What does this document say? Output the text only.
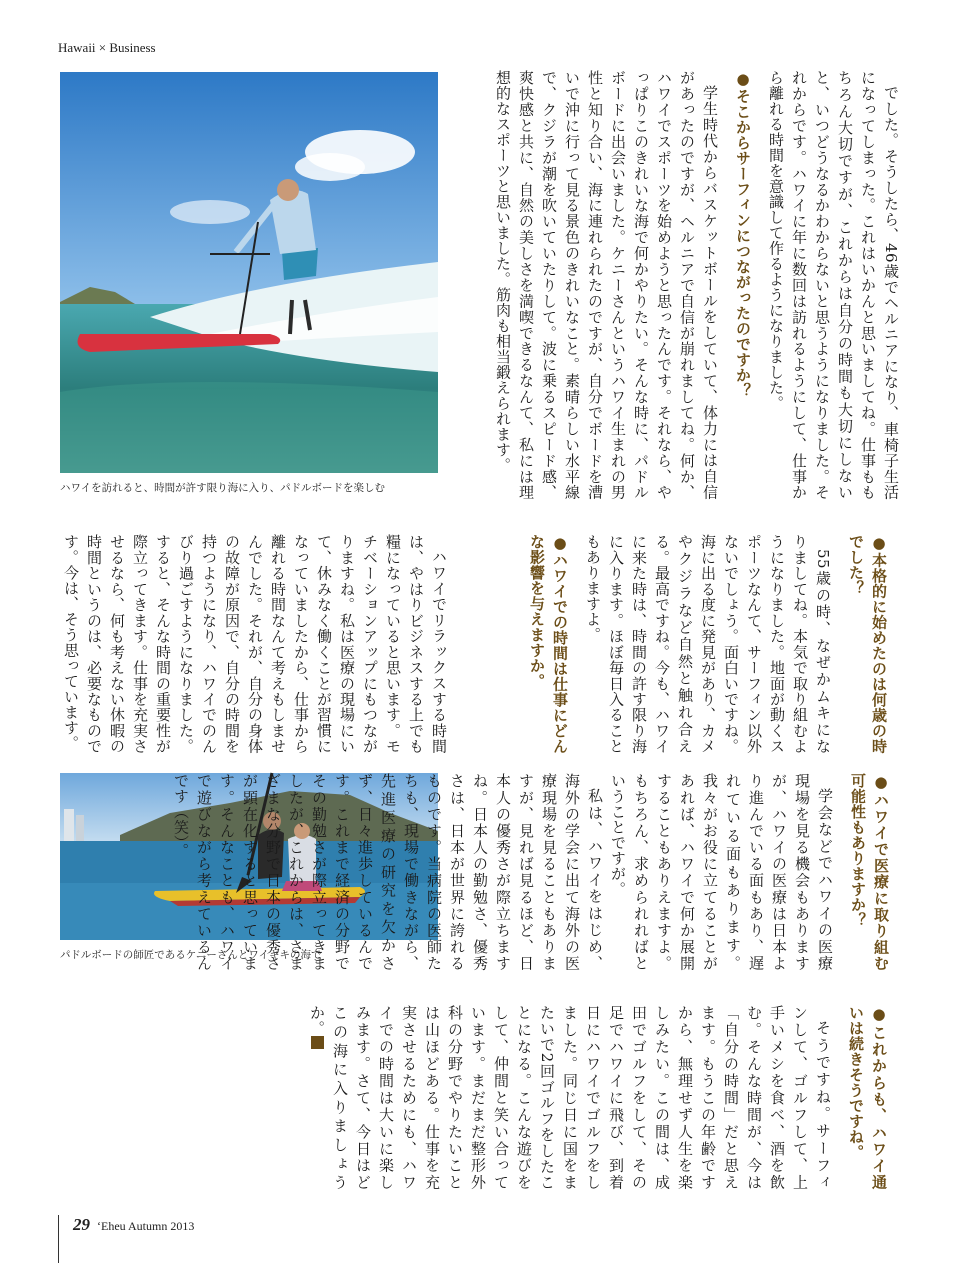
Hawaii × Business
ハワイを訪れると、時間が許す限り海に入り、パドルボードを楽しむ
パドルボードの師匠であるケニーさんとワイキキの海で

でした。そうしたら、46歳でヘルニアになり、車椅子生活になってしまった。これはいかんと思いましてね。仕事ももちろん大切ですが、これからは自分の時間も大切にしないと、いつどうなるかわからないと思うようになりました。それからです。ハワイに年に数回は訪れるようにして、仕事から離れる時間を意識して作るようになりました。

●そこからサーフィンにつながったのですか？

学生時代からバスケットボールをしていて、体力には自信があったのですが、ヘルニアで自信が崩れましてね。何か、ハワイでスポーツを始めようと思ったんです。それなら、やっぱりこのきれいな海で何かやりたい。そんな時に、パドルボードに出会いました。ケニーさんというハワイ生まれの男性と知り合い、海に連れられたのですが、自分でボードを漕いで沖に行って見る景色のきれいなこと。素晴らしい水平線で、クジラが潮を吹いていたりして。波に乗るスピード感、爽快感と共に、自然の美しさを満喫できるなんて、私には理想的なスポーツと思いました。筋肉も相当鍛えられます。

●本格的に始めたのは何歳の時でした？

55歳の時、なぜかムキになりましてね。本気で取り組むようになりました。地面が動くスポーツなんて、サーフィン以外ないでしょう。面白いですね。海に出る度に発見があり、カメやクジラなど自然と触れ合える。最高ですね。今も、ハワイに来た時は、時間の許す限り海に入ります。ほぼ毎日入ることもありますよ。

●ハワイでの時間は仕事にどんな影響を与えますか。

ハワイでリラックスする時間は、やはりビジネスする上でも糧になっていると思います。モチベーションアップにもつながりますね。私は医療の現場にいて、休みなく働くことが習慣になっていましたから、仕事から離れる時間なんて考えもしませんでした。それが、自分の身体の故障が原因で、自分の時間を持つようになり、ハワイでのんびり過ごすようになりました。すると、そんな時間の重要性が際立ってきます。仕事を充実させるなら、何も考えない休暇の時間というのは、必要なものです。今は、そう思っています。

●ハワイで医療に取り組む可能性もありますか？

学会などでハワイの医療現場を見る機会もありますが、ハワイの医療は日本より進んでいる面もあり、遅れている面もあります。我々がお役に立てることがあれば、ハワイで何か展開することもありえますよ。もちろん、求められればということですが。

私は、ハワイをはじめ、海外の学会に出て海外の医療現場を見ることもありますが、見れば見るほど、日本人の優秀さが際立ちますね。日本人の勤勉さ、優秀さは、日本が世界に誇れるものです。当病院の医師たちも、現場で働きながら、先進医療の研究を欠かさず、日々進歩しているんです。これまで経済の分野でその勤勉さが際立ってきましたが、これからは、さまざまな分野で日本の優秀さが顕在化すると思っています。そんなことも、ハワイで遊びながら考えているんです（笑）。

●これからも、ハワイ通いは続きそうですね。

そうですね。サーフィンして、ゴルフして、上手いメシを食べ、酒を飲む。そんな時間が、今は「自分の時間」だと思えます。もうこの年齢ですから、無理せず人生を楽しみたい。この間は、成田でゴルフをして、その足でハワイに飛び、到着日にハワイでゴルフをしました。同じ日に国をまたいで2回ゴルフをしたことになる。こんな遊びをして、仲間と笑い合っています。まだまだ整形外科の分野でやりたいことは山ほどある。仕事を充実させるためにも、ハワイでの時間は大いに楽しみます。さて、今日はどこの海に入りましょうか。E

29 ʻEheu Autumn 2013
